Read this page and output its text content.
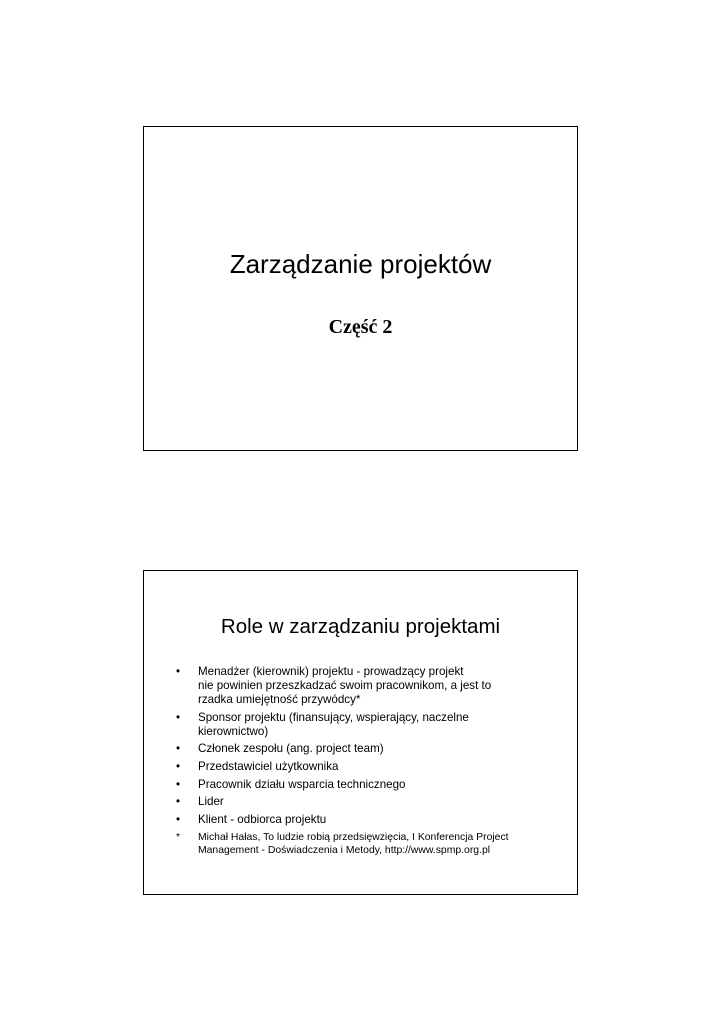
Zarządzanie projektów
Część 2
Role w zarządzaniu projektami
•	Menadżer (kierownik) projektu - prowadzący projekt
nie powinien przeszkadzać swoim pracownikom, a jest to
rzadka umiejętność przywódcy*
•	Sponsor projektu (finansujący, wspierający, naczelne
kierownictwo)
•	Członek zespołu (ang. project team)
•	Przedstawiciel użytkownika
•	Pracownik działu wsparcia technicznego
•	Lider
•	Klient - odbiorca projektu
*	Michał Hałas, To ludzie robią przedsięwzięcia, I Konferencja Project
Management - Doświadczenia i Metody, http://www.spmp.org.pl
